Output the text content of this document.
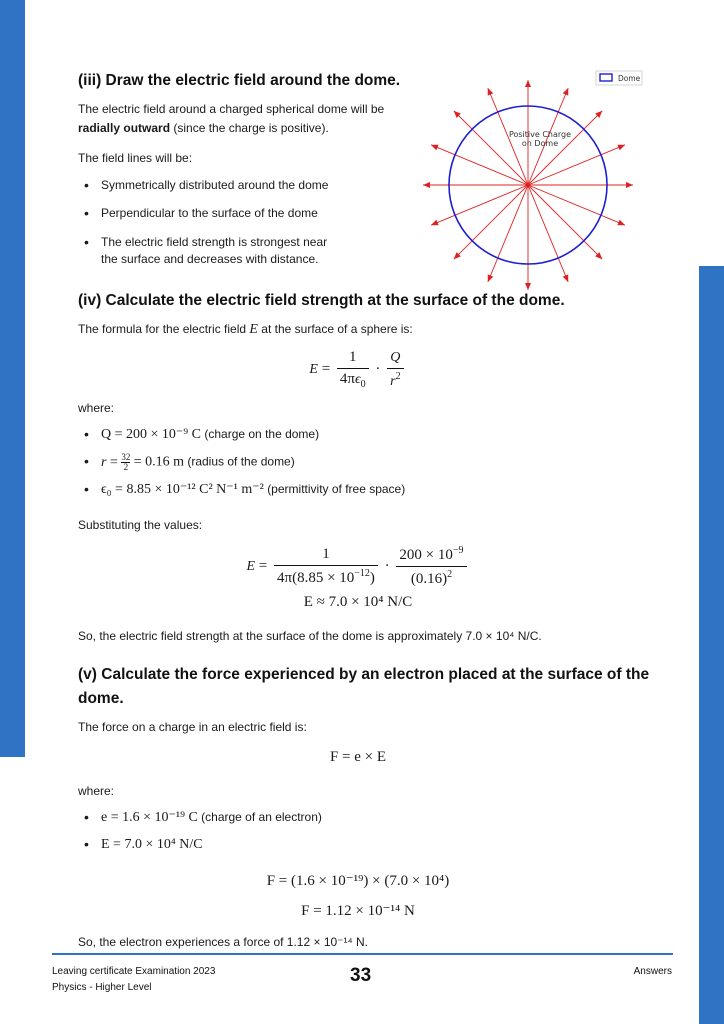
(iii) Draw the electric field around the dome.
The electric field around a charged spherical dome will be
radially outward (since the charge is positive).
The field lines will be:
• Symmetrically distributed around the dome
• Perpendicular to the surface of the dome
• The electric field strength is strongest near
the surface and decreases with distance.
(iv) Calculate the electric field strength at the surface of the dome.
The formula for the electric field E at the surface of a sphere is:
$E = \frac{1}{4\pi\epsilon_0} \cdot \frac{Q}{r^2}$
where:
• Q = 200 × 10⁻⁹ C (charge on the dome)
• $r = \frac{32}{2} = 0.16$ m (radius of the dome)
• ϵ₀ = 8.85 × 10⁻¹² C² N⁻¹ m⁻² (permittivity of free space)
Substituting the values:
$E = \frac{1}{4\pi(8.85 \times 10^{-12})} \cdot \frac{200 \times 10^{-9}}{(0.16)^2}$
E ≈ 7.0 × 10⁴ N/C
So, the electric field strength at the surface of the dome is approximately 7.0 × 10⁴ N/C.
(v) Calculate the force experienced by an electron placed at the surface of the
dome.
The force on a charge in an electric field is:
F = e × E
where:
• e = 1.6 × 10⁻¹⁹ C (charge of an electron)
• E = 7.0 × 10⁴ N/C
F = (1.6 × 10⁻¹⁹) × (7.0 × 10⁴)
F = 1.12 × 10⁻¹⁴ N
So, the electron experiences a force of 1.12 × 10⁻¹⁴ N.
Positive Charge
on Dome
Dome
Leaving certificate Examination 2023
Physics - Higher Level
33	Answers
